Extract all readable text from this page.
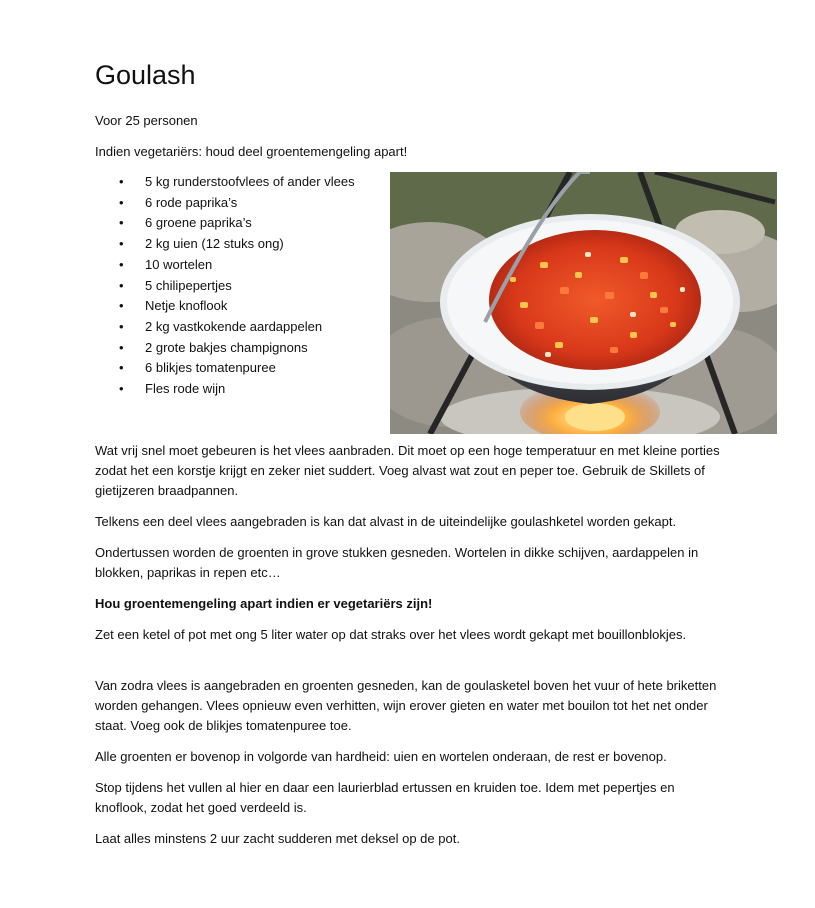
Goulash

Voor 25 personen

Indien vegetariërs: houd deel groentemengeling apart!

• 5 kg runderstoofvlees of ander vlees
• 6 rode paprika’s
• 6 groene paprika’s
• 2 kg uien (12 stuks ong)
• 10 wortelen
• 5 chilipepertjes
• Netje knoflook
• 2 kg vastkokende aardappelen
• 2 grote bakjes champignons
• 6 blikjes tomatenpuree
• Fles rode wijn

Wat vrij snel moet gebeuren is het vlees aanbraden. Dit moet op een hoge temperatuur en met kleine porties zodat het een korstje krijgt en zeker niet suddert. Voeg alvast wat zout en peper toe. Gebruik de Skillets of gietijzeren braadpannen.

Telkens een deel vlees aangebraden is kan dat alvast in de uiteindelijke goulashketel worden gekapt.

Ondertussen worden de groenten in grove stukken gesneden. Wortelen in dikke schijven, aardappelen in blokken, paprikas in repen etc…

Hou groentemengeling apart indien er vegetariërs zijn!

Zet een ketel of pot met ong 5 liter water op dat straks over het vlees wordt gekapt met bouillonblokjes.

Van zodra vlees is aangebraden en groenten gesneden, kan de goulasketel boven het vuur of hete briketten worden gehangen. Vlees opnieuw even verhitten, wijn erover gieten en water met bouilon tot het net onder staat. Voeg ook de blikjes tomatenpuree toe.

Alle groenten er bovenop in volgorde van hardheid: uien en wortelen onderaan, de rest er bovenop.

Stop tijdens het vullen al hier en daar een laurierblad ertussen en kruiden toe. Idem met pepertjes en knoflook, zodat het goed verdeeld is.

Laat alles minstens 2 uur zacht sudderen met deksel op de pot.
